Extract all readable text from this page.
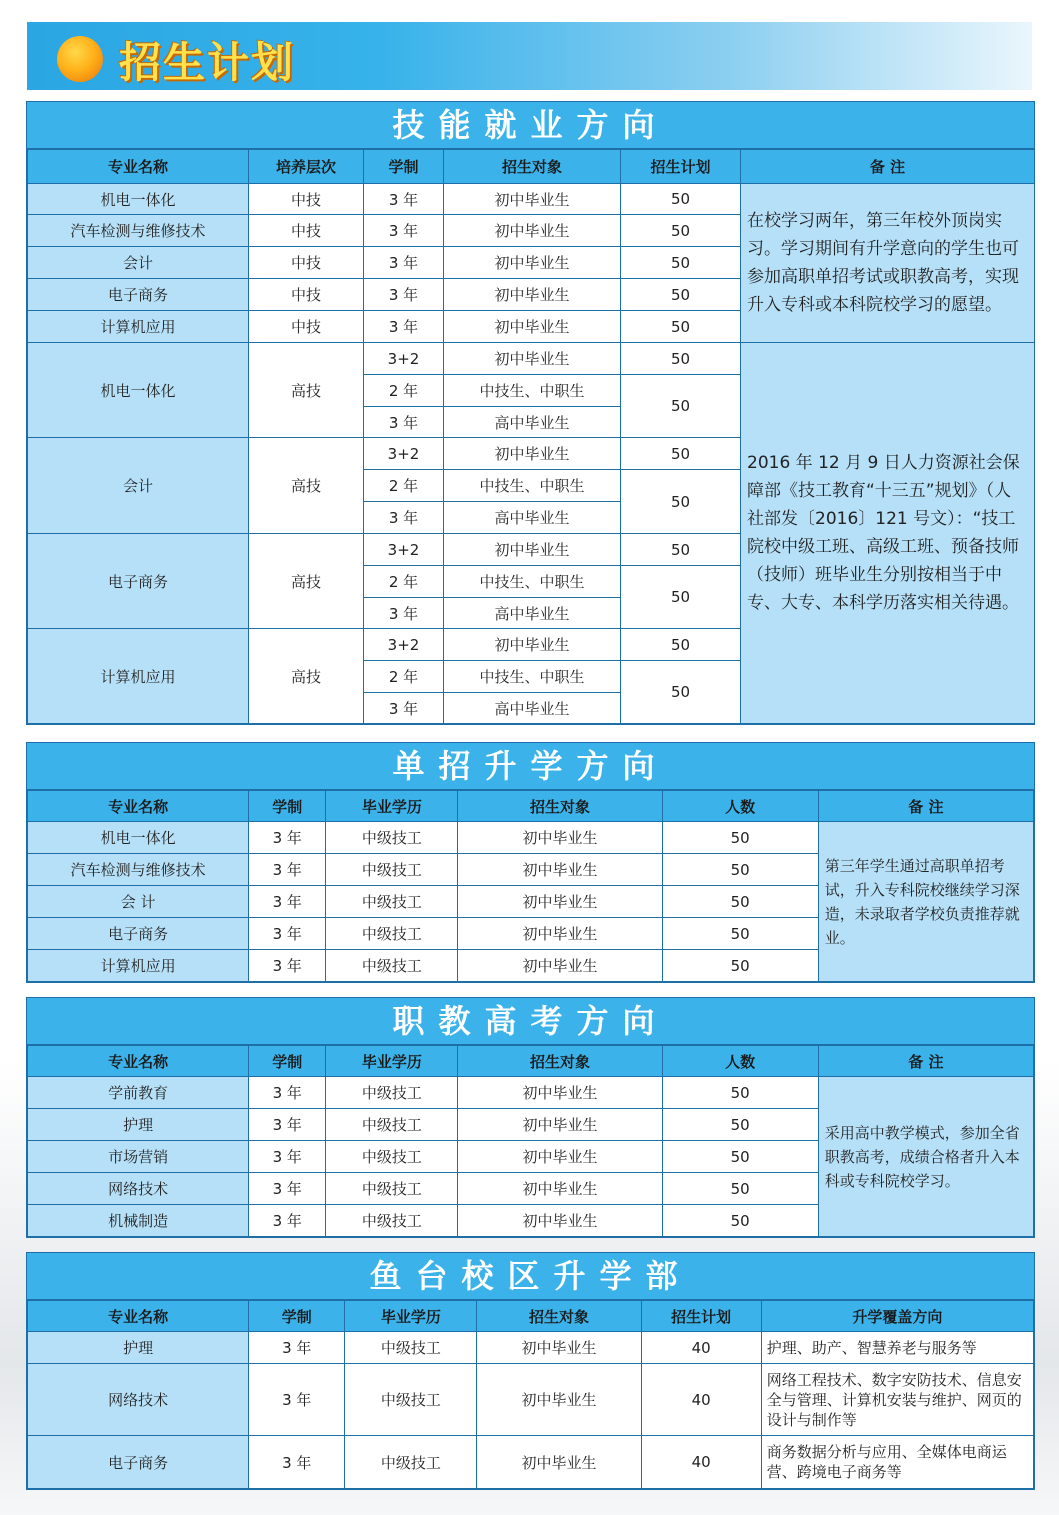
招生计划
技能就业方向
专业名称	培养层次	学制	招生对象	招生计划	备 注
机电一体化	中技	3 年	初中毕业生	50	在校学习两年，第三年校外顶岗实习。学习期间有升学意向的学生也可参加高职单招考试或职教高考，实现升入专科或本科院校学习的愿望。
汽车检测与维修技术	中技	3 年	初中毕业生	50	
会计	中技	3 年	初中毕业生	50	
电子商务	中技	3 年	初中毕业生	50	
计算机应用	中技	3 年	初中毕业生	50	
机电一体化	高技	3+2	初中毕业生	50	2016 年 12 月 9 日人力资源社会保障部《技工教育“十三五”规划》（人社部发〔2016〕121 号文）：“技工院校中级工班、高级工班、预备技师（技师）班毕业生分别按相当于中专、大专、本科学历落实相关待遇。
		2 年	中技生、中职生	50	
		3 年	高中毕业生		
会计	高技	3+2	初中毕业生	50	
		2 年	中技生、中职生	50	
		3 年	高中毕业生		
电子商务	高技	3+2	初中毕业生	50	
		2 年	中技生、中职生	50	
		3 年	高中毕业生		
计算机应用	高技	3+2	初中毕业生	50	
		2 年	中技生、中职生	50	
		3 年	高中毕业生		
单招升学方向
专业名称	学制	毕业学历	招生对象	人数	备 注
机电一体化	3 年	中级技工	初中毕业生	50	第三年学生通过高职单招考试，升入专科院校继续学习深造，未录取者学校负责推荐就业。
汽车检测与维修技术	3 年	中级技工	初中毕业生	50	
会 计	3 年	中级技工	初中毕业生	50	
电子商务	3 年	中级技工	初中毕业生	50	
计算机应用	3 年	中级技工	初中毕业生	50	
职教高考方向
专业名称	学制	毕业学历	招生对象	人数	备 注
学前教育	3 年	中级技工	初中毕业生	50	采用高中教学模式，参加全省职教高考，成绩合格者升入本科或专科院校学习。
护理	3 年	中级技工	初中毕业生	50	
市场营销	3 年	中级技工	初中毕业生	50	
网络技术	3 年	中级技工	初中毕业生	50	
机械制造	3 年	中级技工	初中毕业生	50	
鱼台校区升学部
专业名称	学制	毕业学历	招生对象	招生计划	升学覆盖方向
护理	3 年	中级技工	初中毕业生	40	护理、助产、智慧养老与服务等
网络技术	3 年	中级技工	初中毕业生	40	网络工程技术、数字安防技术、信息安全与管理、计算机安装与维护、网页的设计与制作等
电子商务	3 年	中级技工	初中毕业生	40	商务数据分析与应用、全媒体电商运营、跨境电子商务等
